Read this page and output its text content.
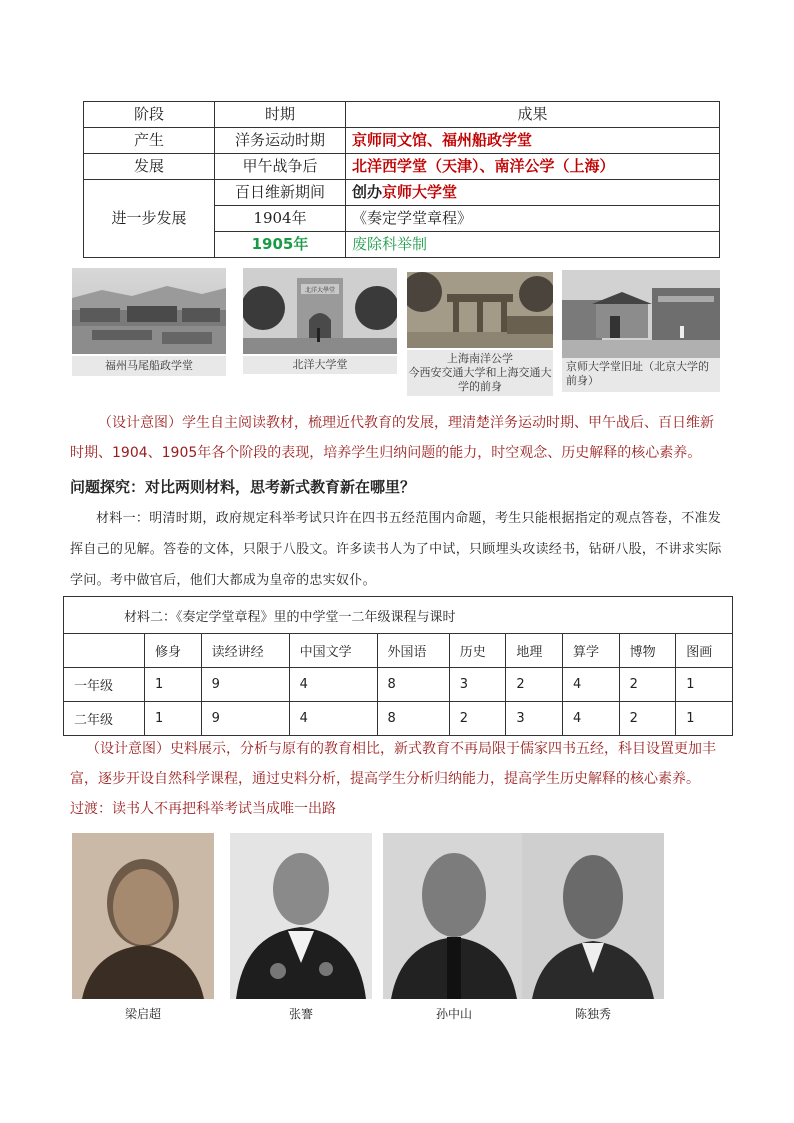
阶段	时期	成果
产生	洋务运动时期	京师同文馆、福州船政学堂
发展	甲午战争后	北洋西学堂（天津）、南洋公学（上海）
进一步发展	百日维新期间	创办京师大学堂
	1904年	《奏定学堂章程》
	1905年	废除科举制
福州马尾船政学堂
北洋大學堂
北洋大学堂	上海南洋公学
今西安交通大学和上海交通大学的前身
京师大学堂旧址（北京大学的前身）
（设计意图）学生自主阅读教材，梳理近代教育的发展，理清楚洋务运动时期、甲午战后、百日维新时期、1904、1905年各个阶段的表现，培养学生归纳问题的能力，时空观念、历史解释的核心素养。
问题探究：对比两则材料，思考新式教育新在哪里？
材料一：明清时期，政府规定科举考试只许在四书五经范围内命题，考生只能根据指定的观点答卷，不准发挥自己的见解。答卷的文体，只限于八股文。许多读书人为了中试，只顾埋头攻读经书，钻研八股，不讲求实际学问。考中做官后，他们大都成为皇帝的忠实奴仆。
材料二：《奏定学堂章程》里的中学堂一二年级课程与课时									
	修身	读经讲经	中国文学	外国语	历史	地理	算学	博物	图画
一年级	1	9	4	8	3	2	4	2	1
二年级	1	9	4	8	2	3	4	2	1
（设计意图）史料展示，分析与原有的教育相比，新式教育不再局限于儒家四书五经，科目设置更加丰富，逐步开设自然科学课程，通过史料分析，提高学生分析归纳能力，提高学生历史解释的核心素养。
过渡：读书人不再把科举考试当成唯一出路
梁启超	张謇	孙中山	陈独秀
